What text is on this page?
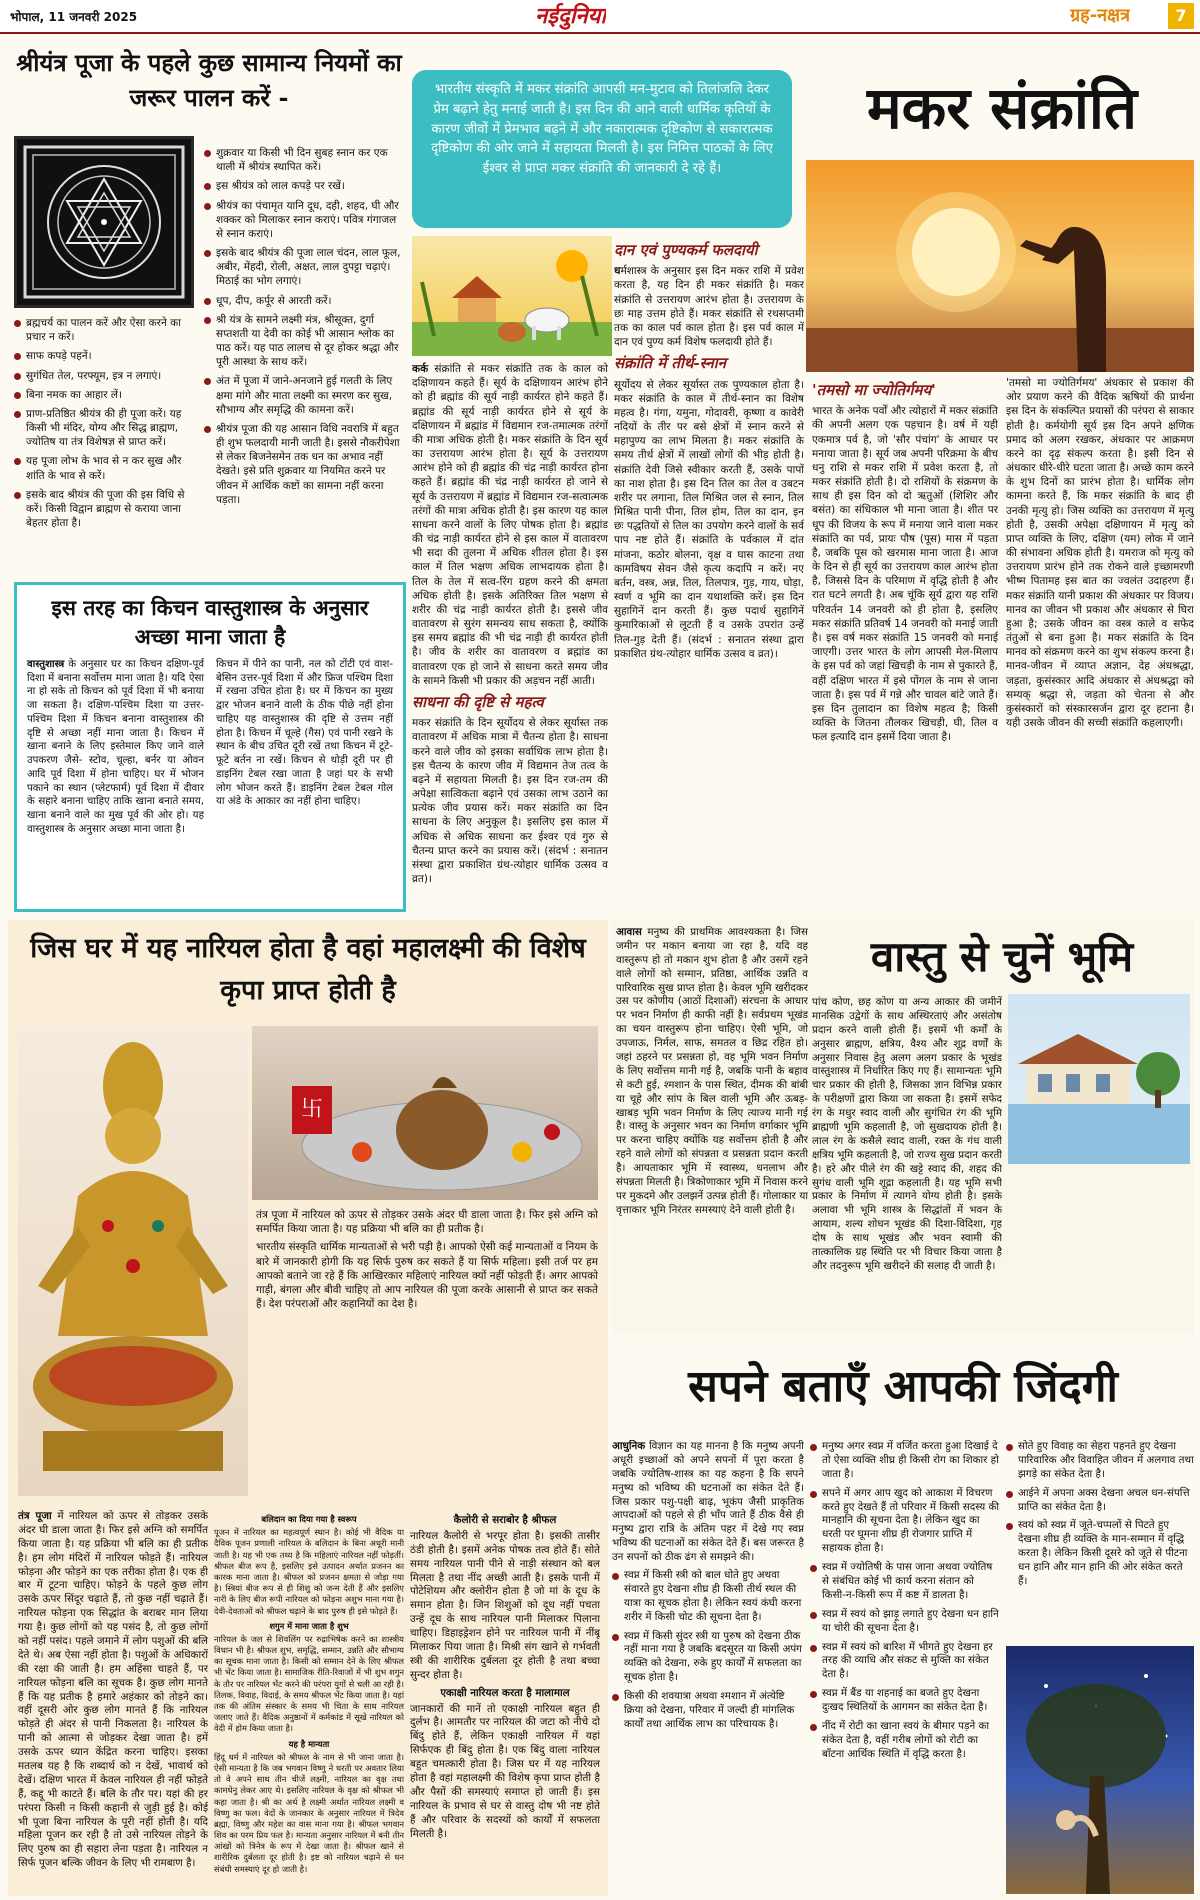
भोपाल, 11 जनवरी 2025	नईदुनिया	ग्रह-नक्षत्र	7
श्रीयंत्र पूजा के पहले कुछ सामान्य नियमों का जरूर पालन करें -
शुक्रवार या किसी भी दिन सुबह स्नान कर एक थाली में श्रीयंत्र स्थापित करें।
इस श्रीयंत्र को लाल कपड़े पर रखें।
श्रीयंत्र का पंचामृत यानि दूध, दही, शहद, घी और शक्कर को मिलाकर स्नान कराएं। पवित्र गंगाजल से स्नान कराएं।
इसके बाद श्रीयंत्र की पूजा लाल चंदन, लाल फूल, अबीर, मेंहदी, रोली, अक्षत, लाल दुपट्टा चढ़ाएं। मिठाई का भोग लगाएं।
धूप, दीप, कर्पूर से आरती करें।
श्री यंत्र के सामने लक्ष्मी मंत्र, श्रीसूक्त, दुर्गा सप्तशती या देवी का कोई भी आसान श्लोक का पाठ करें। यह पाठ लालच से दूर होकर श्रद्धा और पूरी आस्था के साथ करें।
अंत में पूजा में जाने-अनजाने हुई गलती के लिए क्षमा मांगे और माता लक्ष्मी का स्मरण कर सुख, सौभाग्य और समृद्धि की कामना करें।
श्रीयंत्र पूजा की यह आसान विधि नवरात्रि में बहुत ही शुभ फलदायी मानी जाती है। इससे नौकरीपेशा से लेकर बिजनेसमेन तक धन का अभाव नहीं देखते। इसे प्रति शुक्रवार या नियमित करने पर जीवन में आर्थिक कष्टों का सामना नहीं करना पड़ता।
ब्रह्मचर्य का पालन करें और ऐसा करने का प्रचार न करें।
साफ कपड़े पहनें।
सुगंधित तेल, परफ्यूम, इत्र न लगाएं।
बिना नमक का आहार लें।
प्राण-प्रतिष्ठित श्रीयंत्र की ही पूजा करें। यह किसी भी मंदिर, योग्य और सिद्ध ब्राह्मण, ज्योतिष या तंत्र विशेषज्ञ से प्राप्त करें।
यह पूजा लोभ के भाव से न कर सुख और शांति के भाव से करें।
इसके बाद श्रीयंत्र की पूजा की इस विधि से करें। किसी विद्वान ब्राह्मण से कराया जाना बेहतर होता है।
इस तरह का किचन वास्तुशास्त्र के अनुसार अच्छा माना जाता है

वास्तुशास्त्र के अनुसार घर का किचन दक्षिण-पूर्व दिशा में बनाना सर्वोत्तम माना जाता है। यदि ऐसा ना हो सके तो किचन को पूर्व दिशा में भी बनाया जा सकता है। दक्षिण-पश्चिम दिशा या उत्तर-पश्चिम दिशा में किचन बनाना वास्तुशास्त्र की दृष्टि से अच्छा नहीं माना जाता है। किचन में खाना बनाने के लिए इस्तेमाल किए जाने वाले उपकरण जैसे- स्टोव, चूल्हा, बर्नर या ओवन आदि पूर्व दिशा में होना चाहिए। घर में भोजन पकाने का स्थान (प्लेटफार्म) पूर्व दिशा में दीवार के सहारे बनाना चाहिए ताकि खाना बनाते समय, खाना बनाने वाले का मुख पूर्व की ओर हो। यह वास्तुशास्त्र के अनुसार अच्छा माना जाता है।

किचन में पीने का पानी, नल को टोंटी एवं वाश- बेसिन उत्तर-पूर्व दिशा में और फ्रिज पश्चिम दिशा में रखना उचित होता है। घर में किचन का मुख्य द्वार भोजन बनाने वाली के ठीक पीछे नहीं होना चाहिए यह वास्तुशास्त्र की दृष्टि से उत्तम नहीं होता है। किचन में चूल्हे (गैस) एवं पानी रखने के स्थान के बीच उचित दूरी रखें तथा किचन में टूटे-फूटे बर्तन ना रखें। किचन से थोड़ी दूरी पर ही डाइनिंग टेबल रखा जाता है जहां घर के सभी लोग भोजन करते हैं। डाइनिंग टेबल टेबल गोल या अंडे के आकार का नहीं होना चाहिए।

भारतीय संस्कृति में मकर संक्रांति आपसी मन-मुटाव को तिलांजलि देकर प्रेम बढ़ाने हेतु मनाई जाती है। इस दिन की आने वाली धार्मिक कृतियों के कारण जीवों में प्रेमभाव बढ़ने में और नकारात्मक दृष्टिकोण से सकारात्मक दृष्टिकोण की ओर जाने में सहायता मिलती है। इस निमित्त पाठकों के लिए ईश्वर से प्राप्त मकर संक्रांति की जानकारी दे रहे हैं।
मकर संक्रांति

कर्क संक्रांति से मकर संक्रांति तक के काल को दक्षिणायन कहते हैं। सूर्य के दक्षिणायन आरंभ होने को ही ब्रह्मांड की सूर्य नाड़ी कार्यरत होने कहते हैं। ब्रह्मांड की सूर्य नाड़ी कार्यरत होने से सूर्य के दक्षिणायन में ब्रह्मांड में विद्यमान रज-तमात्मक तरंगों की मात्रा अधिक होती है। मकर संक्रांति के दिन सूर्य का उत्तरायण आरंभ होता है। सूर्य के उत्तरायण आरंभ होने को ही ब्रह्मांड की चंद्र नाड़ी कार्यरत होना कहते हैं। ब्रह्मांड की चंद्र नाड़ी कार्यरत हो जाने से सूर्य के उत्तरायण में ब्रह्मांड में विद्यमान रज-सत्वात्मक तरंगों की मात्रा अधिक होती है। इस कारण यह काल साधना करने वालों के लिए पोषक होता है। ब्रह्मांड की चंद्र नाड़ी कार्यरत होने से इस काल में वातावरण भी सदा की तुलना में अधिक शीतल होता है। इस काल में तिल भक्षण अधिक लाभदायक होता है। तिल के तेल में सत्व-रिंग ग्रहण करने की क्षमता अधिक होती है। इसके अतिरिक्त तिल भक्षण से शरीर की चंद्र नाड़ी कार्यरत होती है। इससे जीव वातावरण से सुरंग समन्वय साध सकता है, क्योंकि इस समय ब्रह्मांड की भी चंद्र नाड़ी ही कार्यरत होती है। जीव के शरीर का वातावरण व ब्रह्मांड का वातावरण एक हो जाने से साधना करते समय जीव के सामने किसी भी प्रकार की अड़चन नहीं आती।

साधना की दृष्टि से महत्व

मकर संक्रांति के दिन सूर्योदय से लेकर सूर्यास्त तक वातावरण में अधिक मात्रा में चैतन्य होता है। साधना करने वाले जीव को इसका सर्वाधिक लाभ होता है। इस चैतन्य के कारण जीव में विद्यमान तेज तत्व के बढ़ने में सहायता मिलती है। इस दिन रज-तम की अपेक्षा सात्विकता बढ़ाने एवं उसका लाभ उठाने का प्रत्येक जीव प्रयास करें। मकर संक्रांति का दिन साधना के लिए अनुकूल है। इसलिए इस काल में अधिक से अधिक साधना कर ईश्वर एवं गुरु से चैतन्य प्राप्त करने का प्रयास करें। (संदर्भ : सनातन संस्था द्वारा प्रकाशित ग्रंथ-त्योहार धार्मिक उत्सव व व्रत)।

दान एवं पुण्यकर्म फलदायी

धर्मशास्त्र के अनुसार इस दिन मकर राशि में प्रवेश करता है, यह दिन ही मकर संक्रांति है। मकर संक्रांति से उत्तरायण आरंभ होता है। उत्तरायण के छः माह उत्तम होते हैं। मकर संक्रांति से रथसप्तमी तक का काल पर्व काल होता है। इस पर्व काल में दान एवं पुण्य कर्म विशेष फलदायी होते हैं।

संक्रांति में तीर्थ-स्नान

सूर्योदय से लेकर सूर्यास्त तक पुण्यकाल होता है। मकर संक्रांति के काल में तीर्थ-स्नान का विशेष महत्व है। गंगा, यमुना, गोदावरी, कृष्णा व कावेरी नदियों के तीर पर बसे क्षेत्रों में स्नान करने से महापुण्य का लाभ मिलता है। मकर संक्रांति के समय तीर्थ क्षेत्रों में लाखों लोगों की भीड़ होती है। संक्रांति देवी जिसे स्वीकार करती हैं, उसके पापों का नाश होता है। इस दिन तिल का तेल व उबटन शरीर पर लगाना, तिल मिश्रित जल से स्नान, तिल मिश्रित पानी पीना, तिल होम, तिल का दान, इन छः पद्धतियों से तिल का उपयोग करने वालों के सर्व पाप नष्ट होते हैं। संक्रांति के पर्वकाल में दांत मांजना, कठोर बोलना, वृक्ष व घास काटना तथा कामविषय सेवन जैसे कृत्य कदापि न करें। नए बर्तन, वस्त्र, अन्न, तिल, तिलपात्र, गुड़, गाय, घोड़ा, स्वर्ण व भूमि का दान यथाशक्ति करें। इस दिन सुहागिनें दान करती हैं। कुछ पदार्थ सुहागिनें कुमारिकाओं से लूटती हैं व उसके उपरांत उन्हें तिल-गुड़ देती हैं। (संदर्भ : सनातन संस्था द्वारा प्रकाशित ग्रंथ-त्योहार धार्मिक उत्सव व व्रत)।

'तमसो मा ज्योतिर्गमय'

भारत के अनेक पर्वों और त्योहारों में मकर संक्रांति की अपनी अलग एक पहचान है। वर्ष में यही एकमात्र पर्व है, जो 'सौर पंचांग' के आधार पर मनाया जाता है। सूर्य जब अपनी परिक्रमा के बीच धनु राशि से मकर राशि में प्रवेश करता है, तो मकर संक्रांति होती है। दो राशियों के संक्रमण के साथ ही इस दिन को दो ऋतुओं (शिशिर और बसंत) का संधिकाल भी माना जाता है। शीत पर धूप की विजय के रूप में मनाया जाने वाला मकर संक्रांति का पर्व, प्रायः पौष (पूस) मास में पड़ता है, जबकि पूस को खरमास माना जाता है। आज के दिन से ही सूर्य का उत्तरायण काल आरंभ होता है, जिससे दिन के परिमाण में वृद्धि होती है और रात घटने लगती है। अब चूंकि सूर्य द्वारा यह राशि परिवर्तन 14 जनवरी को ही होता है, इसलिए मकर संक्रांति प्रतिवर्ष 14 जनवरी को मनाई जाती है। इस वर्ष मकर संक्रांति 15 जनवरी को मनाई जाएगी। उत्तर भारत के लोग आपसी मेल-मिलाप के इस पर्व को जहां खिचड़ी के नाम से पुकारते हैं, वहीं दक्षिण भारत में इसे पोंगल के नाम से जाना जाता है। इस पर्व में गन्ने और चावल बांटे जाते हैं। इस दिन तुलादान का विशेष महत्व है; किसी व्यक्ति के जितना तौलकर खिचड़ी, घी, तिल व फल इत्यादि दान इसमें दिया जाता है।

'तमसो मा ज्योतिर्गमय' अंधकार से प्रकाश की ओर प्रयाण करने की वैदिक ऋषियों की प्रार्थना इस दिन के संकल्पित प्रयासों की परंपरा से साकार होती है। कर्मयोगी सूर्य इस दिन अपने क्षणिक प्रमाद को अलग रखकर, अंधकार पर आक्रमण करने का दृढ़ संकल्प करता है। इसी दिन से अंधकार धीरे-धीरे घटता जाता है। अच्छे काम करने के शुभ दिनों का प्रारंभ होता है। धार्मिक लोग कामना करते हैं, कि मकर संक्रांति के बाद ही उनकी मृत्यु हो। जिस व्यक्ति का उत्तरायण में मृत्यु होती है, उसकी अपेक्षा दक्षिणायन में मृत्यु को प्राप्त व्यक्ति के लिए, दक्षिण (यम) लोक में जाने की संभावना अधिक होती है। यमराज को मृत्यु को उत्तरायण प्रारंभ होने तक रोकने वाले इच्छामरणी भीष्म पितामह इस बात का ज्वलंत उदाहरण हैं। मकर संक्रांति यानी प्रकाश की अंधकार पर विजय। मानव का जीवन भी प्रकाश और अंधकार से घिरा हुआ है; उसके जीवन का वस्त्र काले व सफेद तंतुओं से बना हुआ है। मकर संक्रांति के दिन मानव को संक्रमण करने का शुभ संकल्प करना है। मानव-जीवन में व्याप्त अज्ञान, देह अंधश्रद्धा, जड़ता, कुसंस्कार आदि अंधकार से अंधश्रद्धा को सम्यक् श्रद्धा से, जड़ता को चेतना से और कुसंस्कारों को संस्कारसर्जन द्वारा दूर हटाना है। यही उसके जीवन की सच्ची संक्रांति कहलाएगी।

जिस घर में यह नारियल होता है वहां महालक्ष्मी की विशेष कृपा प्राप्त होती है
卐

तंत्र पूजा में नारियल को ऊपर से तोड़कर उसके अंदर घी डाला जाता है। फिर इसे अग्नि को समर्पित किया जाता है। यह प्रक्रिया भी बलि का ही प्रतीक है।

भारतीय संस्कृति धार्मिक मान्यताओं से भरी पड़ी है। आपको ऐसी कई मान्यताओं व नियम के बारे में जानकारी होगी कि यह सिर्फ पुरुष कर सकते हैं या सिर्फ महिला। इसी तर्ज पर हम आपको बताने जा रहे हैं कि आखिरकार महिलाएं नारियल क्यों नहीं फोड़ती हैं। अगर आपको गाड़ी, बंगला और बीवी चाहिए तो आप नारियल की पूजा करके आसानी से प्राप्त कर सकते हैं। देश परंपराओं और कहानियों का देश है।

तंत्र पूजा में नारियल को ऊपर से तोड़कर उसके अंदर घी डाला जाता है। फिर इसे अग्नि को समर्पित किया जाता है। यह प्रक्रिया भी बलि का ही प्रतीक है। हम लोग मंदिरों में नारियल फोड़ते हैं। नारियल फोड़ना और फोड़ने का एक तरीका होता है। एक ही बार में टूटना चाहिए। फोड़ने के पहले कुछ लोग उसके ऊपर सिंदूर चढ़ाते हैं, तो कुछ नहीं चढ़ाते हैं। नारियल फोड़ना एक सिद्धांत के बराबर मान लिया गया है। कुछ लोगों को यह पसंद है, तो कुछ लोगों को नहीं पसंद। पहले जमाने में लोग पशुओं की बलि देते थे। अब ऐसा नहीं होता है। पशुओं के अधिकारों की रक्षा की जाती है। हम अहिंसा चाहते हैं, पर नारियल फोड़ना बलि का सूचक है। कुछ लोग मानते हैं कि यह प्रतीक है हमारे अहंकार को तोड़ने का। वहीं दूसरी ओर कुछ लोग मानते हैं कि नारियल फोड़ते ही अंदर से पानी निकलता है। नारियल के पानी को आत्मा से जोड़कर देखा जाता है। हमें उसके ऊपर ध्यान केंद्रित करना चाहिए। इसका मतलब यह है कि शब्दार्थ को न देखें, भावार्थ को देखें। दक्षिण भारत में केवल नारियल ही नहीं फोड़ते हैं, कद्दू भी काटते हैं। बलि के तौर पर। यहां की हर परंपरा किसी न किसी कहानी से जुड़ी हुई है। कोई भी पूजा बिना नारियल के पूरी नहीं होती है। यदि महिला पूजन कर रही है तो उसे नारियल तोड़ने के लिए पुरुष का ही सहारा लेना पड़ता है। नारियल न सिर्फ पूजन बल्कि जीवन के लिए भी रामबाण है।

बलिदान का दिया गया है स्वरूप

पूजन में नारियल का महत्वपूर्ण स्थान है। कोई भी वैदिक या दैविक पूजन प्रणाली नारियल के बलिदान के बिना अधूरी मानी जाती है। यह भी एक तथ्य है कि महिलाएं नारियल नहीं फोड़तीं। श्रीफल बीज रूप है, इसलिए इसे उत्पादन अर्थात प्रजनन का कारक माना जाता है। श्रीफल को प्रजनन क्षमता से जोड़ा गया है। स्त्रियां बीज रूप से ही शिशु को जन्म देती हैं और इसलिए नारी के लिए बीज रूपी नारियल को फोड़ना अशुभ माना गया है। देवी-देवताओं को श्रीफल चढ़ाने के बाद पुरुष ही इसे फोड़ते हैं।

शगुन में माना जाता है शुभ

नारियल के जल से शिवलिंग पर रुद्राभिषेक करने का शास्त्रीय विधान भी है। श्रीफल शुभ, समृद्धि, सम्मान, उन्नति और सौभाग्य का सूचक माना जाता है। किसी को सम्मान देने के लिए श्रीफल भी भेंट किया जाता है। सामाजिक रीति-रिवाजों में भी शुभ शगुन के तौर पर नारियल भेंट करने की परंपरा युगों से चली आ रही है। तिलक, विवाह, विदाई, के समय श्रीफल भेंट किया जाता है। यहां तक की अंतिम संस्कार के समय भी चिता के साथ नारियल जलाए जाते हैं। वैदिक अनुष्ठानों में कर्मकांड में सूखे नारियल को वेदी में होम किया जाता है।

यह है मान्यता

हिंदू धर्म में नारियल को श्रीफल के नाम से भी जाना जाता है। ऐसी मान्यता है कि जब भगवान विष्णु ने धरती पर अवतार लिया तो वे अपने साथ तीन चीजें लक्ष्मी, नारियल का वृक्ष तथा कामधेनु लेकर आए थे। इसलिए नारियल के वृक्ष को श्रीफल भी कहा जाता है। श्री का अर्थ है लक्ष्मी अर्थात नारियल लक्ष्मी व विष्णु का फल। वेदों के जानकार के अनुसार नारियल में त्रिदेव ब्रह्मा, विष्णु और महेश का वास माना गया है। श्रीफल भगवान शिव का परम प्रिय फल है। मान्यता अनुसार नारियल में बनी तीन आंखों को त्रिनेत्र के रूप में देखा जाता है। श्रीफल खाने से शारीरिक दुर्बलता दूर होती है। इष्ट को नारियल चढ़ाने से धन संबंधी समस्याएं दूर हो जाती है।

कैलोरी से सराबोर है श्रीफल

नारियल कैलोरी से भरपूर होता है। इसकी तासीर ठंडी होती है। इसमें अनेक पोषक तत्व होते हैं। सोते समय नारियल पानी पीने से नाड़ी संस्थान को बल मिलता है तथा नींद अच्छी आती है। इसके पानी में पोटेशियम और क्लोरीन होता है जो मां के दूध के समान होता है। जिन शिशुओं को दूध नहीं पचता उन्हें दूध के साथ नारियल पानी मिलाकर पिलाना चाहिए। डिहाइड्रेशन होने पर नारियल पानी में नींबू मिलाकर पिया जाता है। मिश्री संग खाने से गर्भवती स्त्री की शारीरिक दुर्बलता दूर होती है तथा बच्चा सुन्दर होता है।

एकाक्षी नारियल करता है मालामाल

जानकारों की मानें तो एकाक्षी नारियल बहुत ही दुर्लभ है। आमतौर पर नारियल की जटा को नीचे दो बिंदु होते हैं, लेकिन एकाक्षी नारियल में यहां सिर्फएक ही बिंदु होता है। एक बिंदु वाला नारियल बहुत चमत्कारी होता है। जिस घर में यह नारियल होता है वहां महालक्ष्मी की विशेष कृपा प्राप्त होती है और पैसों की समस्याएं समाप्त हो जाती हैं। इस नारियल के प्रभाव से घर से वास्तु दोष भी नष्ट होते हैं और परिवार के सदस्यों को कार्यों में सफलता मिलती है।

आवास मनुष्य की प्राथमिक आवश्यकता है। जिस जमीन पर मकान बनाया जा रहा है, यदि वह वास्तुरूप हो तो मकान शुभ होता है और उसमें रहने वाले लोगों को सम्मान, प्रतिष्ठा, आर्थिक उन्नति व पारिवारिक सुख प्राप्त होता है। केवल भूमि खरीदकर उस पर कोणीय (आठों दिशाओं) संरचना के आधार पर भवन निर्माण ही काफी नहीं है। सर्वप्रथम भूखंड का चयन वास्तुरूप होना चाहिए। ऐसी भूमि, जो उपजाऊ, निर्मल, साफ, समतल व छिद्र रहित हो। जहां ठहरने पर प्रसन्नता हो, वह भूमि भवन निर्माण के लिए सर्वोत्तम मानी गई है, जबकि पानी के बहाव से कटी हुई, श्मशान के पास स्थित, दीमक की बांबी या चूहे और सांप के बिल वाली भूमि और ऊबड़-खाबड़ भूमि भवन निर्माण के लिए त्याज्य मानी गई है। वास्तु के अनुसार भवन का निर्माण वर्गाकार भूमि पर करना चाहिए क्योंकि यह सर्वोत्तम होती है और रहने वाले लोगों को संपन्नता व प्रसन्नता प्रदान करती है। आयताकार भूमि में स्वास्थ्य, धनलाभ और संपन्नता मिलती है। त्रिकोणाकार भूमि में निवास करने पर मुकदमे और उलझनें उत्पन्न होती हैं। गोलाकार या वृत्ताकार भूमि निरंतर समस्याएं देने वाली होती है।

वास्तु से चुनें भूमि

पांच कोण, छह कोण या अन्य आकार की जमीनें मानसिक उद्वेगों के साथ अस्थिरताएं और असंतोष प्रदान करने वाली होती हैं। इसमें भी कर्मों के अनुसार ब्राह्मण, क्षत्रिय, वैश्य और शूद्र वर्णों के अनुसार निवास हेतु अलग अलग प्रकार के भूखंड वास्तुशास्त्र में निर्धारित किए गए हैं। सामान्यतः भूमि चार प्रकार की होती है, जिसका ज्ञान विभिन्न प्रकार के परीक्षणों द्वारा किया जा सकता है। इसमें सफेद रंग के मधुर स्वाद वाली और सुगंधित रंग की भूमि ब्राह्मणी भूमि कहलाती है, जो सुखदायक होती है। लाल रंग के कसैले स्वाद वाली, रक्त के गंध वाली क्षत्रिय भूमि कहलाती है, जो राज्य सुख प्रदान करती है। हरे और पीले रंग की खट्टे स्वाद की, शहद की सुगंध वाली भूमि शूद्रा कहलाती है। यह भूमि सभी प्रकार के निर्माण में त्यागने योग्य होती है। इसके अलावा भी भूमि शास्त्र के सिद्धांतों में भवन के आयाम, शल्य शोधन भूखंड की दिशा-विदिशा, गृह दोष के साथ भूखंड और भवन स्वामी की तात्कालिक ग्रह स्थिति पर भी विचार किया जाता है और तदनुरूप भूमि खरीदने की सलाह दी जाती है।

सपने बताएँ आपकी जिंदगी

आधुनिक विज्ञान का यह मानना है कि मनुष्य अपनी अधूरी इच्छाओं को अपने सपनों में पूरा करता है जबकि ज्योतिष-शास्त्र का यह कहना है कि सपने मनुष्य को भविष्य की घटनाओं का संकेत देते हैं। जिस प्रकार पशु-पक्षी बाढ़, भूकंप जैसी प्राकृतिक आपदाओं को पहले से ही भाँप जाते हैं ठीक वैसे ही मनुष्य द्वारा रात्रि के अंतिम पहर में देखे गए स्वप्न भविष्य की घटनाओं का संकेत देते हैं। बस जरूरत है उन सपनों को ठीक ढंग से समझने की।

स्वप्न में किसी स्त्री को बाल धोते हुए अथवा संवारते हुए देखना शीघ्र ही किसी तीर्थ स्थल की यात्रा का सूचक होता है। लेकिन स्वयं कंघी करना शरीर में किसी चोट की सूचना देता है।
स्वप्न में किसी सुंदर स्त्री या पुरुष को देखना ठीक नहीं माना गया है जबकि बदसूरत या किसी अपंग व्यक्ति को देखना, रुके हुए कार्यों में सफलता का सूचक होता है।
किसी की शवयात्रा अथवा श्मशान में अंत्येष्टि क्रिया को देखना, परिवार में जल्दी ही मांगलिक कार्यों तथा आर्थिक लाभ का परिचायक है।
मनुष्य अगर स्वप्न में वर्जित करता हुआ दिखाई दे तो ऐसा व्यक्ति शीघ्र ही किसी रोग का शिकार हो जाता है।
सपने में अगर आप खुद को आकाश में विचरण करते हुए देखते हैं तो परिवार में किसी सदस्य की मानहानि की सूचना देता है। लेकिन खुद का धरती पर घूमना शीघ्र ही रोजगार प्राप्ति में सहायक होता है।
स्वप्न में ज्योतिषी के पास जाना अथवा ज्योतिष से संबंधित कोई भी कार्य करना संतान को किसी-न-किसी रूप में कष्ट में डालता है।
स्वप्न में स्वयं को झाड़ू लगाते हुए देखना धन हानि या चोरी की सूचना देता है।
स्वप्न में स्वयं को बारिश में भीगते हुए देखना हर तरह की व्याधि और संकट से मुक्ति का संकेत देता है।
स्वप्न में बैंड या शहनाई का बजते हुए देखना दुःखद स्थितियों के आगमन का संकेत देता है।
नींद में रोटी का खाना स्वयं के बीमार पड़ने का संकेत देता है, वहीं गरीब लोगों को रोटी का बाँटना आर्थिक स्थिति में वृद्धि करता है।
सोते हुए विवाह का सेहरा पहनते हुए देखना पारिवारिक और विवाहित जीवन में अलगाव तथा झगड़े का संकेत देता है।
आईने में अपना अक्स देखना अचल धन-संपत्ति प्राप्ति का संकेत देता है।
स्वयं को स्वप्न में जूते-चप्पलों से पिटते हुए देखना शीघ्र ही व्यक्ति के मान-सम्मान में वृद्धि करता है। लेकिन किसी दूसरे को जूते से पीटना धन हानि और मान हानि की ओर संकेत करते हैं।
